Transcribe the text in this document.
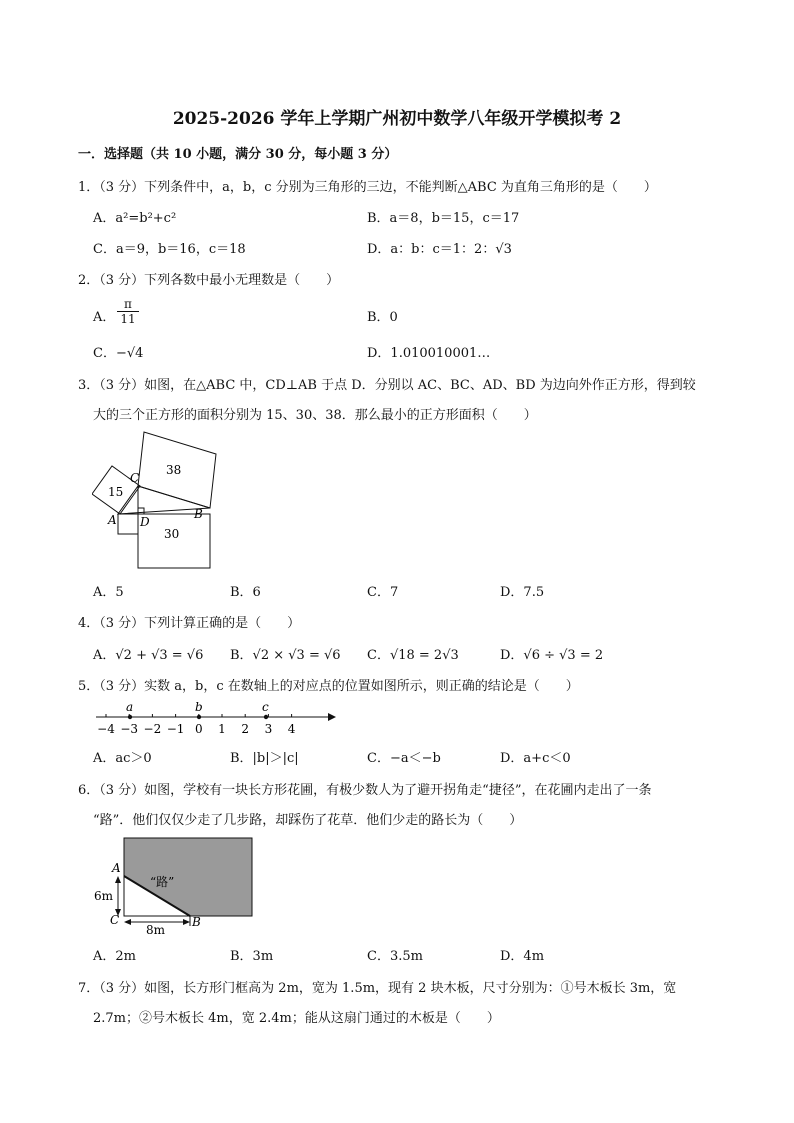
2025-2026 学年上学期广州初中数学八年级开学模拟考 2
一．选择题（共 10 小题，满分 30 分，每小题 3 分）
1．（3 分）下列条件中，a，b，c 分别为三角形的三边，不能判断△ABC 为直角三角形的是（　　）
A．a²=b²+c²	B．a＝8，b＝15，c＝17
C．a＝9，b＝16，c＝18	D．a：b：c＝1：2：√3
2．（3 分）下列各数中最小无理数是（　　）
A． $\frac{\pi}{11}$	B．0
C．−√4	D．1.010010001…
3．（3 分）如图，在△ABC 中，CD⊥AB 于点 D．分别以 AC、BC、AD、BD 为边向外作正方形，得到较
大的三个正方形的面积分别为 15、30、38．那么最小的正方形面积（　　）
15
38
30
A
C
D
B
A．5	B．6	C．7	D．7.5
4．（3 分）下列计算正确的是（　　）
A．√2 + √3 = √6 B．√2 × √3 = √6 C．√18 = 2√3	D．√6 ÷ √3 = 2
5．（3 分）实数 a，b，c 在数轴上的对应点的位置如图所示，则正确的结论是（　　）
−4 −3 −2 −1 0 1 2 3 4
a	b	c
A．ac＞0	B．|b|＞|c|	C．−a＜−b	D．a+c＜0
6．（3 分）如图，学校有一块长方形花圃，有极少数人为了避开拐角走“捷径”，在花圃内走出了一条
“路”．他们仅仅少走了几步路，却踩伤了花草．他们少走的路长为（　　）
“路”
6m
8m
A
C	B
A．2m	B．3m	C．3.5m	D．4m
7．（3 分）如图，长方形门框高为 2m，宽为 1.5m，现有 2 块木板，尺寸分别为：①号木板长 3m，宽
2.7m；②号木板长 4m，宽 2.4m；能从这扇门通过的木板是（　　）
